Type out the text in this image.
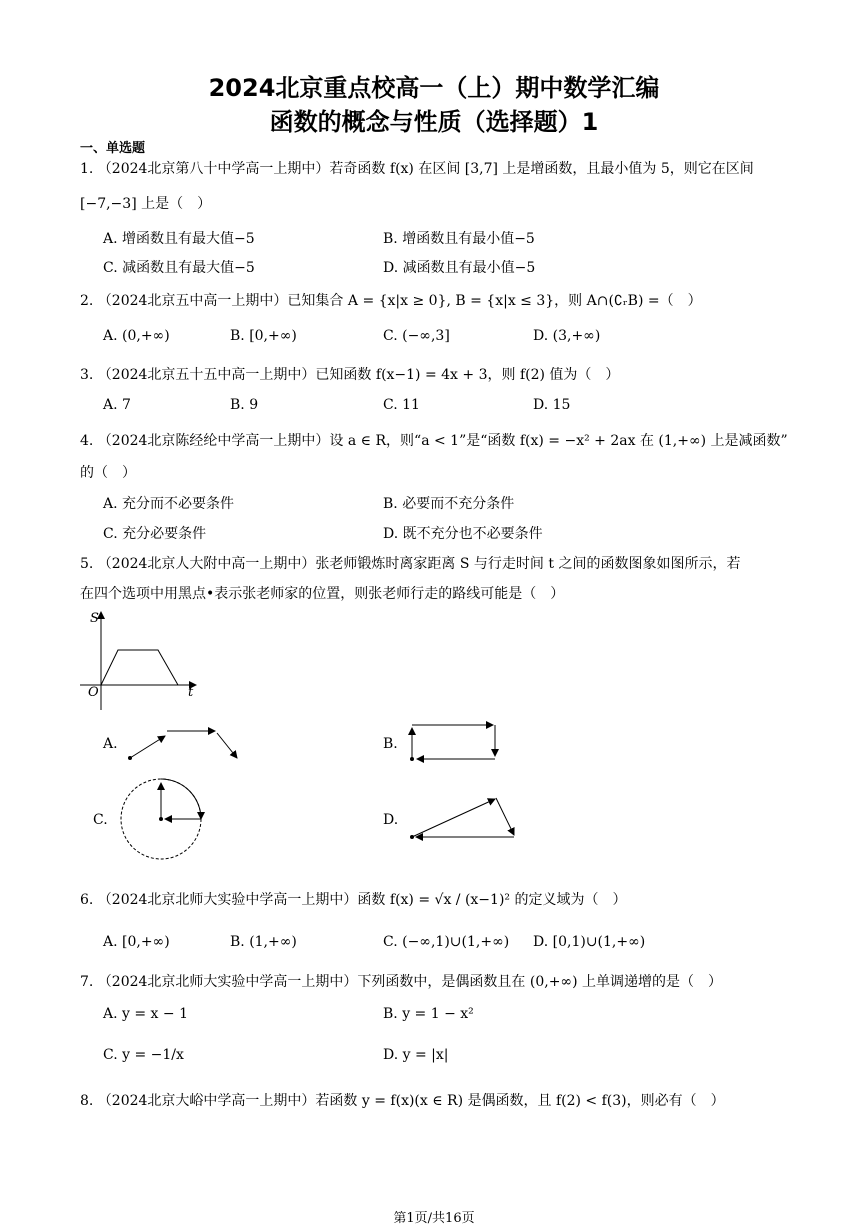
2024北京重点校高一（上）期中数学汇编
函数的概念与性质（选择题）1
一、单选题
1. （2024北京第八十中学高一上期中）若奇函数 f(x) 在区间 [3,7] 上是增函数，且最小值为 5，则它在区间
[−7,−3] 上是（　）
A. 增函数且有最大值−5	B. 增函数且有最小值−5
C. 减函数且有最大值−5	D. 减函数且有最小值−5
2. （2024北京五中高一上期中）已知集合 A = {x|x ≥ 0}, B = {x|x ≤ 3}，则 A∩(∁ᵣB) =（　）
A. (0,+∞)	B. [0,+∞)	C. (−∞,3]	D. (3,+∞)
3. （2024北京五十五中高一上期中）已知函数 f(x−1) = 4x + 3，则 f(2) 值为（　）
A. 7	B. 9	C. 11	D. 15
4. （2024北京陈经纶中学高一上期中）设 a ∈ R，则“a < 1”是“函数 f(x) = −x² + 2ax 在 (1,+∞) 上是减函数”
的（　）
A. 充分而不必要条件	B. 必要而不充分条件
C. 充分必要条件	D. 既不充分也不必要条件
5. （2024北京人大附中高一上期中）张老师锻炼时离家距离 S 与行走时间 t 之间的函数图象如图所示，若
在四个选项中用黑点•表示张老师家的位置，则张老师行走的路线可能是（　）
S
O	t
A.	B.
C.	D.
6. （2024北京北师大实验中学高一上期中）函数 f(x) = √x / (x−1)² 的定义域为（　）
A. [0,+∞)	B. (1,+∞)	C. (−∞,1)∪(1,+∞) D. [0,1)∪(1,+∞)
7. （2024北京北师大实验中学高一上期中）下列函数中，是偶函数且在 (0,+∞) 上单调递增的是（　）
A. y = x − 1	B. y = 1 − x²
C. y = −1/x	D. y = |x|
8. （2024北京大峪中学高一上期中）若函数 y = f(x)(x ∈ R) 是偶函数，且 f(2) < f(3)，则必有（　）
第1页/共16页
